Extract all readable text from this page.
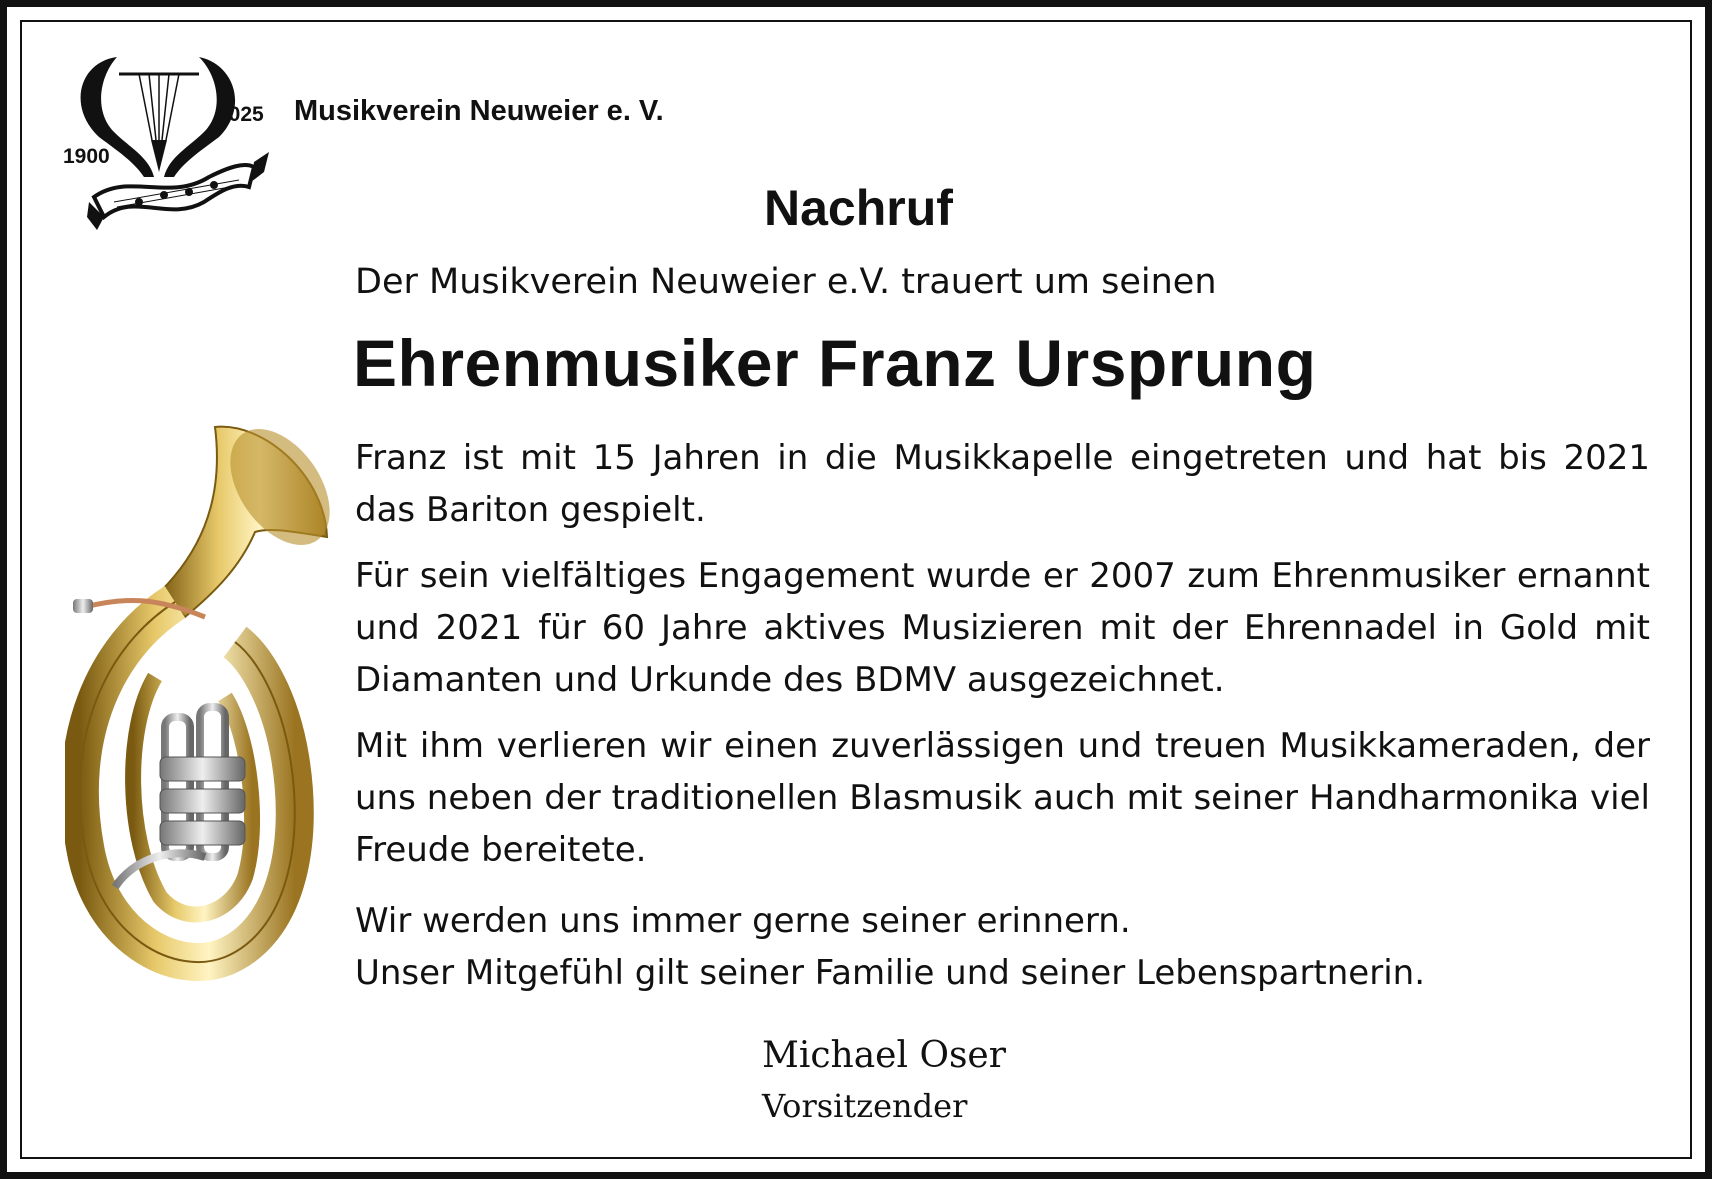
1900
2025 Musikverein Neuweier e. V.
Nachruf
Der Musikverein Neuweier e.V. trauert um seinen
Ehrenmusiker Franz Ursprung

Franz ist mit 15 Jahren in die Musikkapelle eingetreten und hat bis 2021 das Bariton gespielt.

Für sein vielfältiges Engagement wurde er 2007 zum Ehrenmusiker ernannt und 2021 für 60 Jahre aktives Musizieren mit der Ehrennadel in Gold mit Diamanten und Urkunde des BDMV ausgezeichnet.

Mit ihm verlieren wir einen zuverlässigen und treuen Musikkameraden, der uns neben der traditionellen Blasmusik auch mit seiner Handharmonika viel Freude bereitete.

Wir werden uns immer gerne seiner erinnern.
Unser Mitgefühl gilt seiner Familie und seiner Lebenspartnerin.
Michael Oser
Vorsitzender
